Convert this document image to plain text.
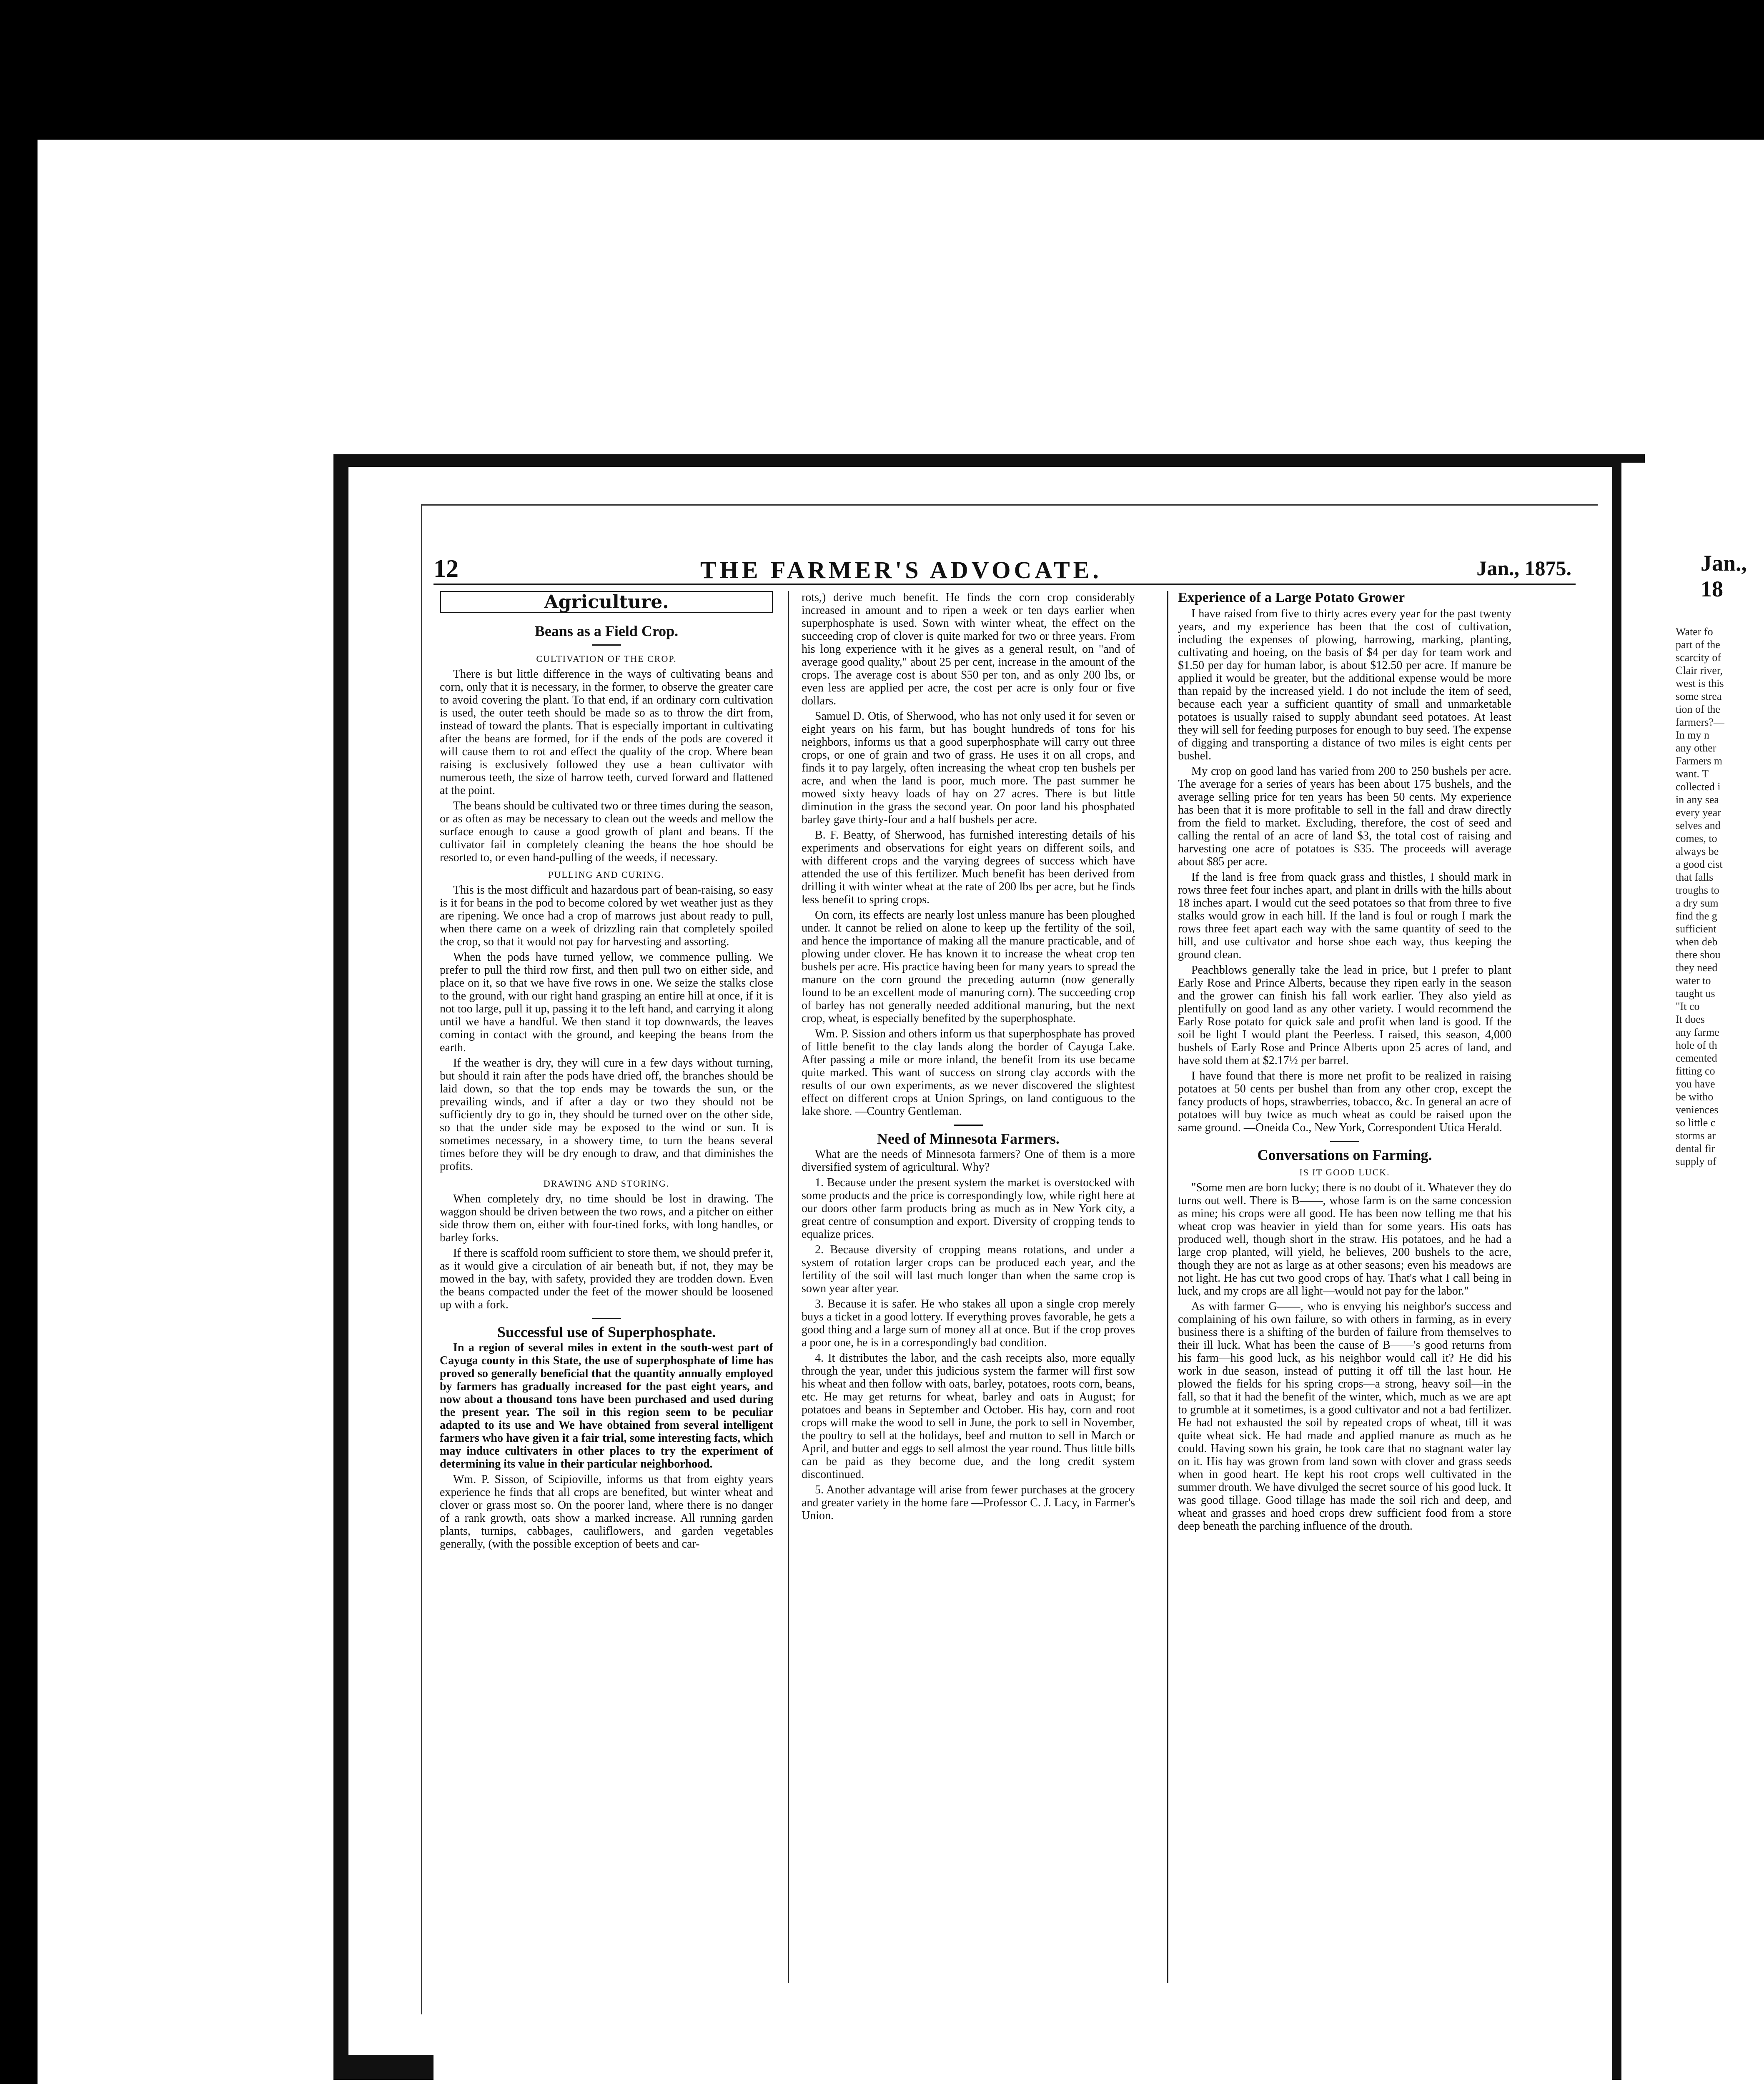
Jan., 18
Water fo
part of the
scarcity of
Clair river,
west is this
some strea
tion of the
farmers?—
In my n
any other
Farmers m
want. T
collected i
in any sea
every year
selves and
comes, to
always be
a good cist
that falls
troughs to
a dry sum
find the g
sufficient
when deb
there shou
they need
water to
taught us
"It co
It does
any farme
hole of th
cemented
fitting co
you have
be witho
veniences
so little c
storms ar
dental fir
supply of
12	THE FARMER'S ADVOCATE.	Jan., 1875.
Agriculture.
Beans as a Field Crop.
CULTIVATION OF THE CROP.

There is but little difference in the ways of cultivating beans and corn, only that it is necessary, in the former, to observe the greater care to avoid covering the plant. To that end, if an ordinary corn cultivation is used, the outer teeth should be made so as to throw the dirt from, instead of toward the plants. That is especially important in cultivating after the beans are formed, for if the ends of the pods are covered it will cause them to rot and effect the quality of the crop. Where bean raising is exclusively followed they use a bean cultivator with numerous teeth, the size of harrow teeth, curved forward and flattened at the point.

The beans should be cultivated two or three times during the season, or as often as may be necessary to clean out the weeds and mellow the surface enough to cause a good growth of plant and beans. If the cultivator fail in completely cleaning the beans the hoe should be resorted to, or even hand-pulling of the weeds, if necessary.

PULLING AND CURING.

This is the most difficult and hazardous part of bean-raising, so easy is it for beans in the pod to become colored by wet weather just as they are ripening. We once had a crop of marrows just about ready to pull, when there came on a week of drizzling rain that completely spoiled the crop, so that it would not pay for harvesting and assorting.

When the pods have turned yellow, we commence pulling. We prefer to pull the third row first, and then pull two on either side, and place on it, so that we have five rows in one. We seize the stalks close to the ground, with our right hand grasping an entire hill at once, if it is not too large, pull it up, passing it to the left hand, and carrying it along until we have a handful. We then stand it top downwards, the leaves coming in contact with the ground, and keeping the beans from the earth.

If the weather is dry, they will cure in a few days without turning, but should it rain after the pods have dried off, the branches should be laid down, so that the top ends may be towards the sun, or the prevailing winds, and if after a day or two they should not be sufficiently dry to go in, they should be turned over on the other side, so that the under side may be exposed to the wind or sun. It is sometimes necessary, in a showery time, to turn the beans several times before they will be dry enough to draw, and that diminishes the profits.

DRAWING AND STORING.

When completely dry, no time should be lost in drawing. The waggon should be driven between the two rows, and a pitcher on either side throw them on, either with four-tined forks, with long handles, or barley forks.

If there is scaffold room sufficient to store them, we should prefer it, as it would give a circulation of air beneath but, if not, they may be mowed in the bay, with safety, provided they are trodden down. Even the beans compacted under the feet of the mower should be loosened up with a fork.

Successful use of Superphosphate.

In a region of several miles in extent in the south-west part of Cayuga county in this State, the use of superphosphate of lime has proved so generally beneficial that the quantity annually employed by farmers has gradually increased for the past eight years, and now about a thousand tons have been purchased and used during the present year. The soil in this region seem to be peculiar adapted to its use and We have obtained from several intelligent farmers who have given it a fair trial, some interesting facts, which may induce cultivaters in other places to try the experiment of determining its value in their particular neighborhood.

Wm. P. Sisson, of Scipioville, informs us that from eighty years experience he finds that all crops are benefited, but winter wheat and clover or grass most so. On the poorer land, where there is no danger of a rank growth, oats show a marked increase. All running garden plants, turnips, cabbages, cauliflowers, and garden vegetables generally, (with the possible exception of beets and car-

rots,) derive much benefit. He finds the corn crop considerably increased in amount and to ripen a week or ten days earlier when superphosphate is used. Sown with winter wheat, the effect on the succeeding crop of clover is quite marked for two or three years. From his long experience with it he gives as a general result, on "and of average good quality," about 25 per cent, increase in the amount of the crops. The average cost is about $50 per ton, and as only 200 lbs, or even less are applied per acre, the cost per acre is only four or five dollars.

Samuel D. Otis, of Sherwood, who has not only used it for seven or eight years on his farm, but has bought hundreds of tons for his neighbors, informs us that a good superphosphate will carry out three crops, or one of grain and two of grass. He uses it on all crops, and finds it to pay largely, often increasing the wheat crop ten bushels per acre, and when the land is poor, much more. The past summer he mowed sixty heavy loads of hay on 27 acres. There is but little diminution in the grass the second year. On poor land his phosphated barley gave thirty-four and a half bushels per acre.

B. F. Beatty, of Sherwood, has furnished interesting details of his experiments and observations for eight years on different soils, and with different crops and the varying degrees of success which have attended the use of this fertilizer. Much benefit has been derived from drilling it with winter wheat at the rate of 200 lbs per acre, but he finds less benefit to spring crops.

On corn, its effects are nearly lost unless manure has been ploughed under. It cannot be relied on alone to keep up the fertility of the soil, and hence the importance of making all the manure practicable, and of plowing under clover. He has known it to increase the wheat crop ten bushels per acre. His practice having been for many years to spread the manure on the corn ground the preceding autumn (now generally found to be an excellent mode of manuring corn). The succeeding crop of barley has not generally needed additional manuring, but the next crop, wheat, is especially benefited by the superphosphate.

Wm. P. Sission and others inform us that superphosphate has proved of little benefit to the clay lands along the border of Cayuga Lake. After passing a mile or more inland, the benefit from its use became quite marked. This want of success on strong clay accords with the results of our own experiments, as we never discovered the slightest effect on different crops at Union Springs, on land contiguous to the lake shore. —Country Gentleman.

Need of Minnesota Farmers.

What are the needs of Minnesota farmers? One of them is a more diversified system of agricultural. Why?

1. Because under the present system the market is overstocked with some products and the price is correspondingly low, while right here at our doors other farm products bring as much as in New York city, a great centre of consumption and export. Diversity of cropping tends to equalize prices.

2. Because diversity of cropping means rotations, and under a system of rotation larger crops can be produced each year, and the fertility of the soil will last much longer than when the same crop is sown year after year.

3. Because it is safer. He who stakes all upon a single crop merely buys a ticket in a good lottery. If everything proves favorable, he gets a good thing and a large sum of money all at once. But if the crop proves a poor one, he is in a correspondingly bad condition.

4. It distributes the labor, and the cash receipts also, more equally through the year, under this judicious system the farmer will first sow his wheat and then follow with oats, barley, potatoes, roots corn, beans, etc. He may get returns for wheat, barley and oats in August; for potatoes and beans in September and October. His hay, corn and root crops will make the wood to sell in June, the pork to sell in November, the poultry to sell at the holidays, beef and mutton to sell in March or April, and butter and eggs to sell almost the year round. Thus little bills can be paid as they become due, and the long credit system discontinued.

5. Another advantage will arise from fewer purchases at the grocery and greater variety in the home fare —Professor C. J. Lacy, in Farmer's Union.

Experience of a Large Potato Grower

I have raised from five to thirty acres every year for the past twenty years, and my experience has been that the cost of cultivation, including the expenses of plowing, harrowing, marking, planting, cultivating and hoeing, on the basis of $4 per day for team work and $1.50 per day for human labor, is about $12.50 per acre. If manure be applied it would be greater, but the additional expense would be more than repaid by the increased yield. I do not include the item of seed, because each year a sufficient quantity of small and unmarketable potatoes is usually raised to supply abundant seed potatoes. At least they will sell for feeding purposes for enough to buy seed. The expense of digging and transporting a distance of two miles is eight cents per bushel.

My crop on good land has varied from 200 to 250 bushels per acre. The average for a series of years has been about 175 bushels, and the average selling price for ten years has been 50 cents. My experience has been that it is more profitable to sell in the fall and draw directly from the field to market. Excluding, therefore, the cost of seed and calling the rental of an acre of land $3, the total cost of raising and harvesting one acre of potatoes is $35. The proceeds will average about $85 per acre.

If the land is free from quack grass and thistles, I should mark in rows three feet four inches apart, and plant in drills with the hills about 18 inches apart. I would cut the seed potatoes so that from three to five stalks would grow in each hill. If the land is foul or rough I mark the rows three feet apart each way with the same quantity of seed to the hill, and use cultivator and horse shoe each way, thus keeping the ground clean.

Peachblows generally take the lead in price, but I prefer to plant Early Rose and Prince Alberts, because they ripen early in the season and the grower can finish his fall work earlier. They also yield as plentifully on good land as any other variety. I would recommend the Early Rose potato for quick sale and profit when land is good. If the soil be light I would plant the Peerless. I raised, this season, 4,000 bushels of Early Rose and Prince Alberts upon 25 acres of land, and have sold them at $2.17½ per barrel.

I have found that there is more net profit to be realized in raising potatoes at 50 cents per bushel than from any other crop, except the fancy products of hops, strawberries, tobacco, &c. In general an acre of potatoes will buy twice as much wheat as could be raised upon the same ground. —Oneida Co., New York, Correspondent Utica Herald.

Conversations on Farming.
IS IT GOOD LUCK.

"Some men are born lucky; there is no doubt of it. Whatever they do turns out well. There is B——, whose farm is on the same concession as mine; his crops were all good. He has been now telling me that his wheat crop was heavier in yield than for some years. His oats has produced well, though short in the straw. His potatoes, and he had a large crop planted, will yield, he believes, 200 bushels to the acre, though they are not as large as at other seasons; even his meadows are not light. He has cut two good crops of hay. That's what I call being in luck, and my crops are all light—would not pay for the labor."

As with farmer G——, who is envying his neighbor's success and complaining of his own failure, so with others in farming, as in every business there is a shifting of the burden of failure from themselves to their ill luck. What has been the cause of B——'s good returns from his farm—his good luck, as his neighbor would call it? He did his work in due season, instead of putting it off till the last hour. He plowed the fields for his spring crops—a strong, heavy soil—in the fall, so that it had the benefit of the winter, which, much as we are apt to grumble at it sometimes, is a good cultivator and not a bad fertilizer. He had not exhausted the soil by repeated crops of wheat, till it was quite wheat sick. He had made and applied manure as much as he could. Having sown his grain, he took care that no stagnant water lay on it. His hay was grown from land sown with clover and grass seeds when in good heart. He kept his root crops well cultivated in the summer drouth. We have divulged the secret source of his good luck. It was good tillage. Good tillage has made the soil rich and deep, and wheat and grasses and hoed crops drew sufficient food from a store deep beneath the parching influence of the drouth.
